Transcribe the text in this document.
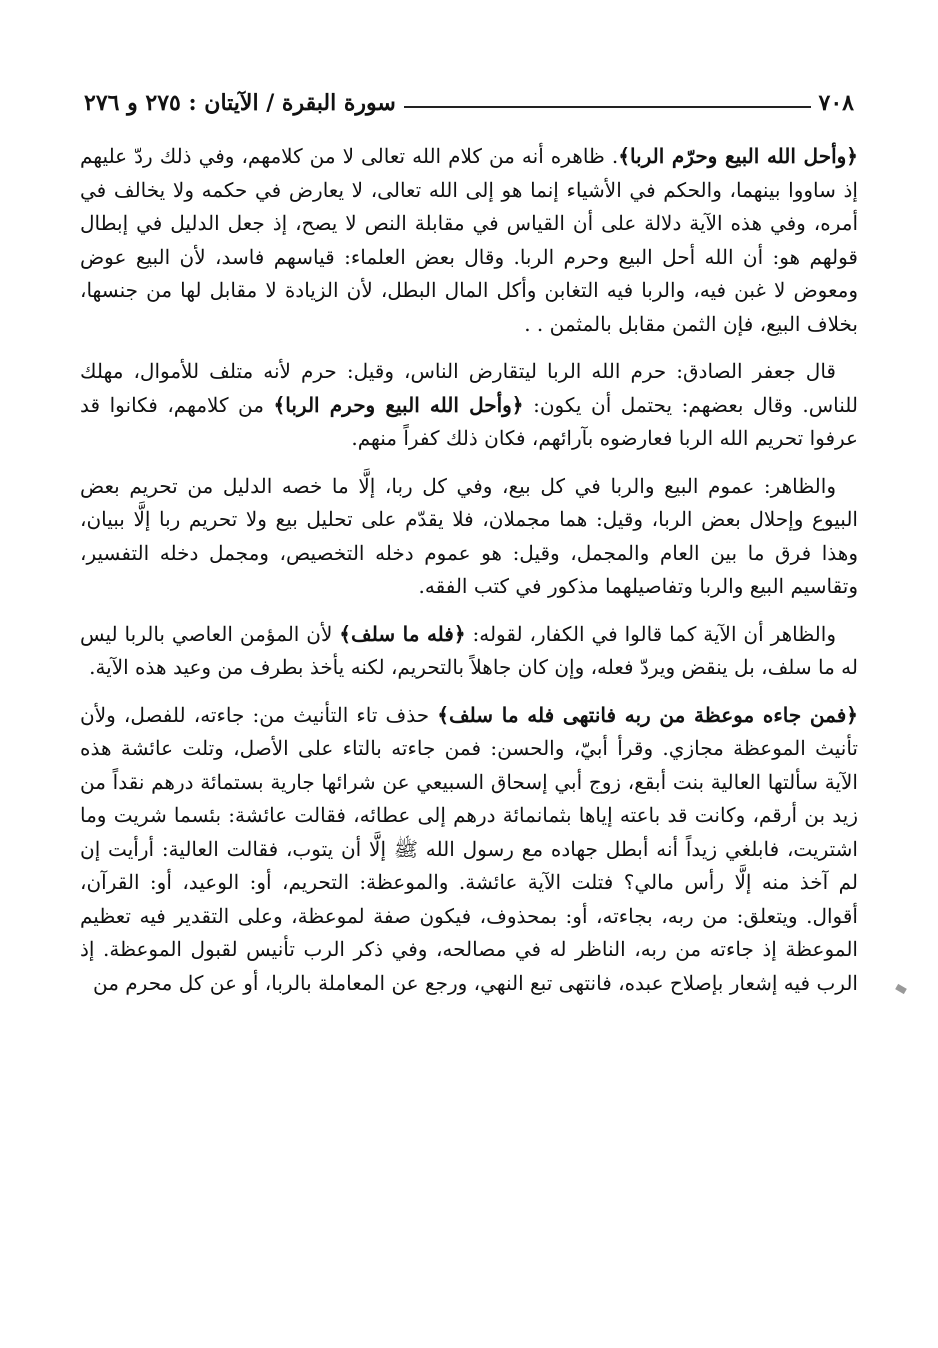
٧٠٨
سورة البقرة / الآيتان : ٢٧٥ و ٢٧٦

﴿وأحل الله البيع وحرّم الربا﴾. ظاهره أنه من كلام الله تعالى لا من كلامهم، وفي ذلك ردّ عليهم إذ ساووا بينهما، والحكم في الأشياء إنما هو إلى الله تعالى، لا يعارض في حكمه ولا يخالف في أمره، وفي هذه الآية دلالة على أن القياس في مقابلة النص لا يصح، إذ جعل الدليل في إبطال قولهم هو: أن الله أحل البيع وحرم الربا. وقال بعض العلماء: قياسهم فاسد، لأن البيع عوض ومعوض لا غبن فيه، والربا فيه التغابن وأكل المال البطل، لأن الزيادة لا مقابل لها من جنسها، بخلاف البيع، فإن الثمن مقابل بالمثمن . .

قال جعفر الصادق: حرم الله الربا ليتقارض الناس، وقيل: حرم لأنه متلف للأموال، مهلك للناس. وقال بعضهم: يحتمل أن يكون: ﴿وأحل الله البيع وحرم الربا﴾ من كلامهم، فكانوا قد عرفوا تحريم الله الربا فعارضوه بآرائهم، فكان ذلك كفراً منهم.

والظاهر: عموم البيع والربا في كل بيع، وفي كل ربا، إلَّا ما خصه الدليل من تحريم بعض البيوع وإحلال بعض الربا، وقيل: هما مجملان، فلا يقدّم على تحليل بيع ولا تحريم ربا إلَّا ببيان، وهذا فرق ما بين العام والمجمل، وقيل: هو عموم دخله التخصيص، ومجمل دخله التفسير، وتقاسيم البيع والربا وتفاصيلهما مذكور في كتب الفقه.

والظاهر أن الآية كما قالوا في الكفار، لقوله: ﴿فله ما سلف﴾ لأن المؤمن العاصي بالربا ليس له ما سلف، بل ينقض ويردّ فعله، وإن كان جاهلاً بالتحريم، لكنه يأخذ بطرف من وعيد هذه الآية.

﴿فمن جاءه موعظة من ربه فانتهى فله ما سلف﴾ حذف تاء التأنيث من: جاءته، للفصل، ولأن تأنيث الموعظة مجازي. وقرأ أبيّ، والحسن: فمن جاءته بالتاء على الأصل، وتلت عائشة هذه الآية سألتها العالية بنت أبقع، زوج أبي إسحاق السبيعي عن شرائها جارية بستمائة درهم نقداً من زيد بن أرقم، وكانت قد باعته إياها بثمانمائة درهم إلى عطائه، فقالت عائشة: بئسما شريت وما اشتريت، فابلغي زيداً أنه أبطل جهاده مع رسول الله ﷺ إلَّا أن يتوب، فقالت العالية: أرأيت إن لم آخذ منه إلَّا رأس مالي؟ فتلت الآية عائشة. والموعظة: التحريم، أو: الوعيد، أو: القرآن، أقوال. ويتعلق: من ربه، بجاءته، أو: بمحذوف، فيكون صفة لموعظة، وعلى التقدير فيه تعظيم الموعظة إذ جاءته من ربه، الناظر له في مصالحه، وفي ذكر الرب تأنيس لقبول الموعظة. إذ الرب فيه إشعار بإصلاح عبده، فانتهى تبع النهي، ورجع عن المعاملة بالربا، أو عن كل محرم من
